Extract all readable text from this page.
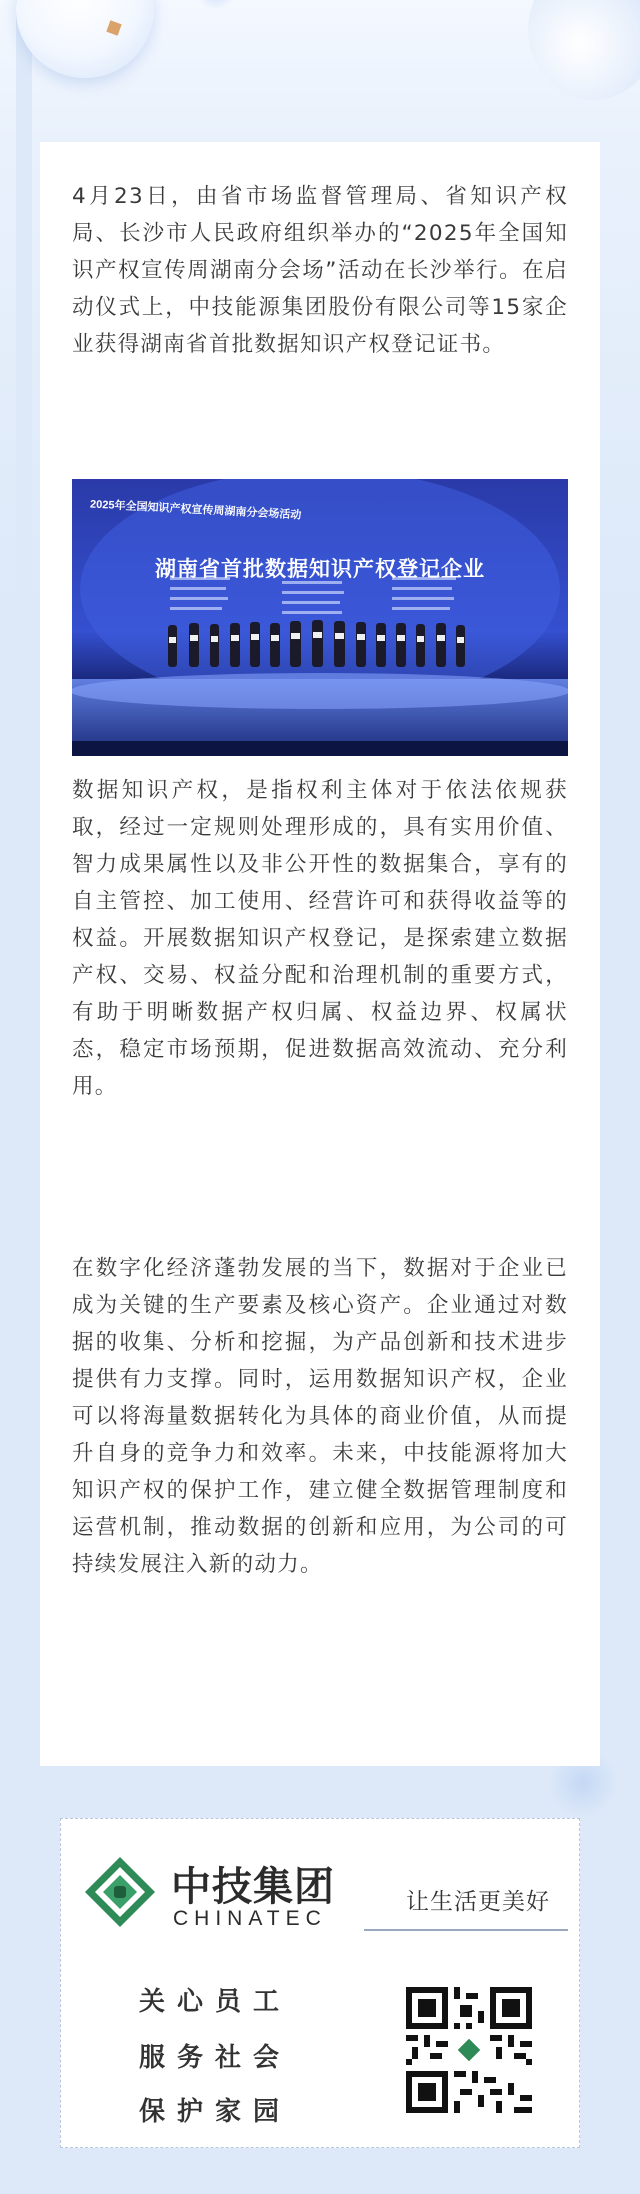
4月23日，由省市场监督管理局、省知识产权局、长沙市人民政府组织举办的“2025年全国知识产权宣传周湖南分会场”活动在长沙举行。在启动仪式上，中技能源集团股份有限公司等15家企业获得湖南省首批数据知识产权登记证书。

2025年全国知识产权宣传周湖南分会场活动
湖南省首批数据知识产权登记企业

数据知识产权，是指权利主体对于依法依规获取，经过一定规则处理形成的，具有实用价值、智力成果属性以及非公开性的数据集合，享有的自主管控、加工使用、经营许可和获得收益等的权益。开展数据知识产权登记，是探索建立数据产权、交易、权益分配和治理机制的重要方式，有助于明晰数据产权归属、权益边界、权属状态，稳定市场预期，促进数据高效流动、充分利用。

在数字化经济蓬勃发展的当下，数据对于企业已成为关键的生产要素及核心资产。企业通过对数据的收集、分析和挖掘，为产品创新和技术进步提供有力支撑。同时，运用数据知识产权，企业可以将海量数据转化为具体的商业价值，从而提升自身的竞争力和效率。未来，中技能源将加大知识产权的保护工作，建立健全数据管理制度和运营机制，推动数据的创新和应用，为公司的可持续发展注入新的动力。

中技集团
CHINATEC
让生活更美好
关心员工
服务社会
保护家园
